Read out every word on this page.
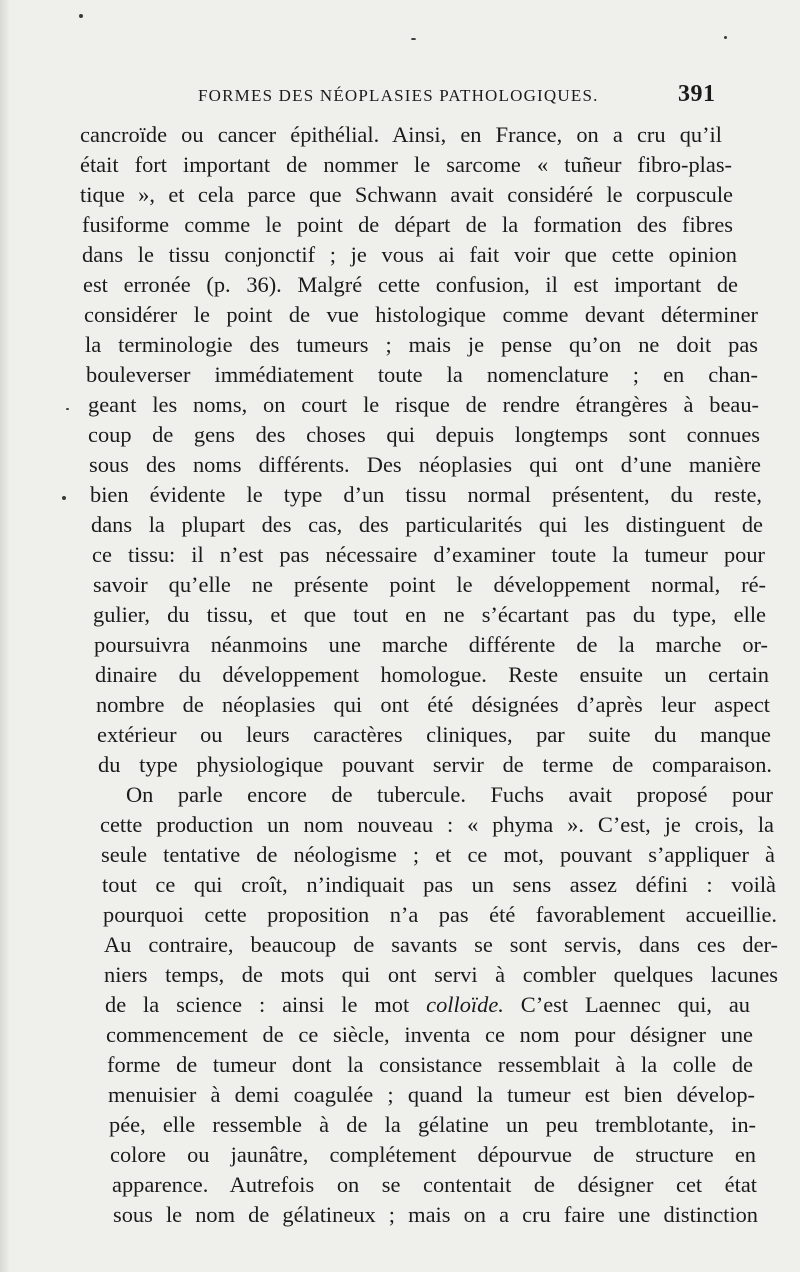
FORMES DES NÉOPLASIES PATHOLOGIQUES.	391
cancroïde ou cancer épithélial. Ainsi, en France, on a cru qu’il
était fort important de nommer le sarcome « tuñeur fibro-plas-
tique », et cela parce que Schwann avait considéré le corpuscule
fusiforme comme le point de départ de la formation des fibres
dans le tissu conjonctif ; je vous ai fait voir que cette opinion
est erronée (p. 36). Malgré cette confusion, il est important de
considérer le point de vue histologique comme devant déterminer
la terminologie des tumeurs ; mais je pense qu’on ne doit pas
bouleverser immédiatement toute la nomenclature ; en chan-
geant les noms, on court le risque de rendre étrangères à beau-
coup de gens des choses qui depuis longtemps sont connues
sous des noms différents. Des néoplasies qui ont d’une manière
bien évidente le type d’un tissu normal présentent, du reste,
dans la plupart des cas, des particularités qui les distinguent de
ce tissu: il n’est pas nécessaire d’examiner toute la tumeur pour
savoir qu’elle ne présente point le développement normal, ré-
gulier, du tissu, et que tout en ne s’écartant pas du type, elle
poursuivra néanmoins une marche différente de la marche or-
dinaire du développement homologue. Reste ensuite un certain
nombre de néoplasies qui ont été désignées d’après leur aspect
extérieur ou leurs caractères cliniques, par suite du manque
du type physiologique pouvant servir de terme de comparaison.
On parle encore de tubercule. Fuchs avait proposé pour
cette production un nom nouveau : « phyma ». C’est, je crois, la
seule tentative de néologisme ; et ce mot, pouvant s’appliquer à
tout ce qui croît, n’indiquait pas un sens assez défini : voilà
pourquoi cette proposition n’a pas été favorablement accueillie.
Au contraire, beaucoup de savants se sont servis, dans ces der-
niers temps, de mots qui ont servi à combler quelques lacunes
de la science : ainsi le mot colloïde. C’est Laennec qui, au
commencement de ce siècle, inventa ce nom pour désigner une
forme de tumeur dont la consistance ressemblait à la colle de
menuisier à demi coagulée ; quand la tumeur est bien dévelop-
pée, elle ressemble à de la gélatine un peu tremblotante, in-
colore ou jaunâtre, complétement dépourvue de structure en
apparence. Autrefois on se contentait de désigner cet état
sous le nom de gélatineux ; mais on a cru faire une distinction
